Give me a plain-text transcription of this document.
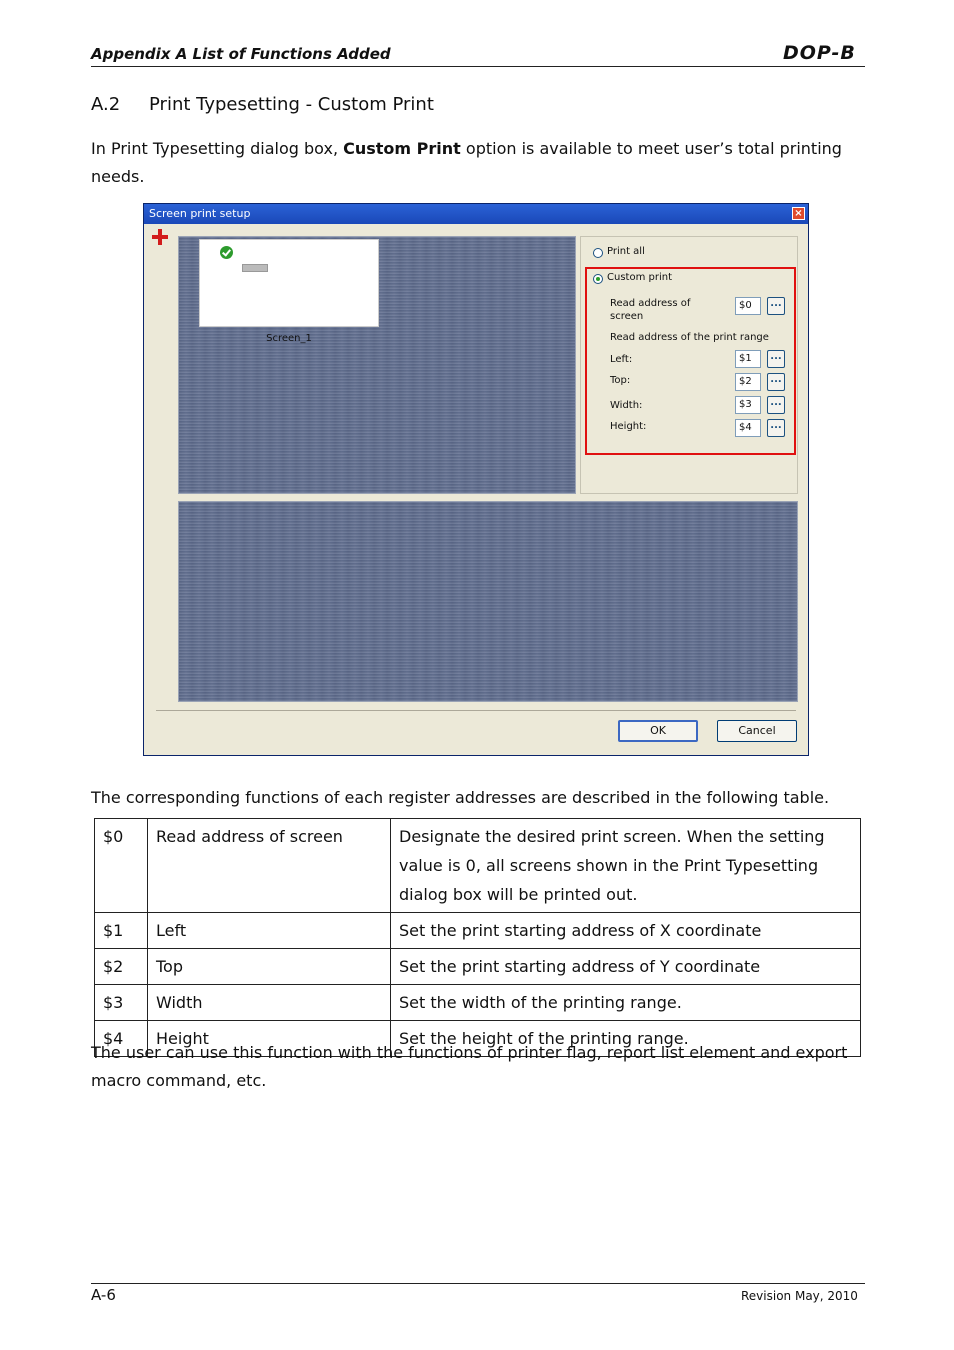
Appendix A List of Functions Added	DOP-B
A.2 Print Typesetting - Custom Print
In Print Typesetting dialog box, Custom Print option is available to meet user’s total printing needs.
Screen print setup	×
Screen_1
Print all
Custom print
Read address of screen
$0	...
Read address of the print range
Left:	$1	...
Top:	$2	...
Width:	$3	...
Height:	$4	...
OK	Cancel
The corresponding functions of each register addresses are described in the following table.
$0	Read address of screen	Designate the desired print screen. When the setting value is 0, all screens shown in the Print Typesetting dialog box will be printed out.
$1	Left	Set the print starting address of X coordinate
$2	Top	Set the print starting address of Y coordinate
$3	Width	Set the width of the printing range.
$4	Height	Set the height of the printing range.
The user can use this function with the functions of printer flag, report list element and export macro command, etc.
A-6	Revision May, 2010
